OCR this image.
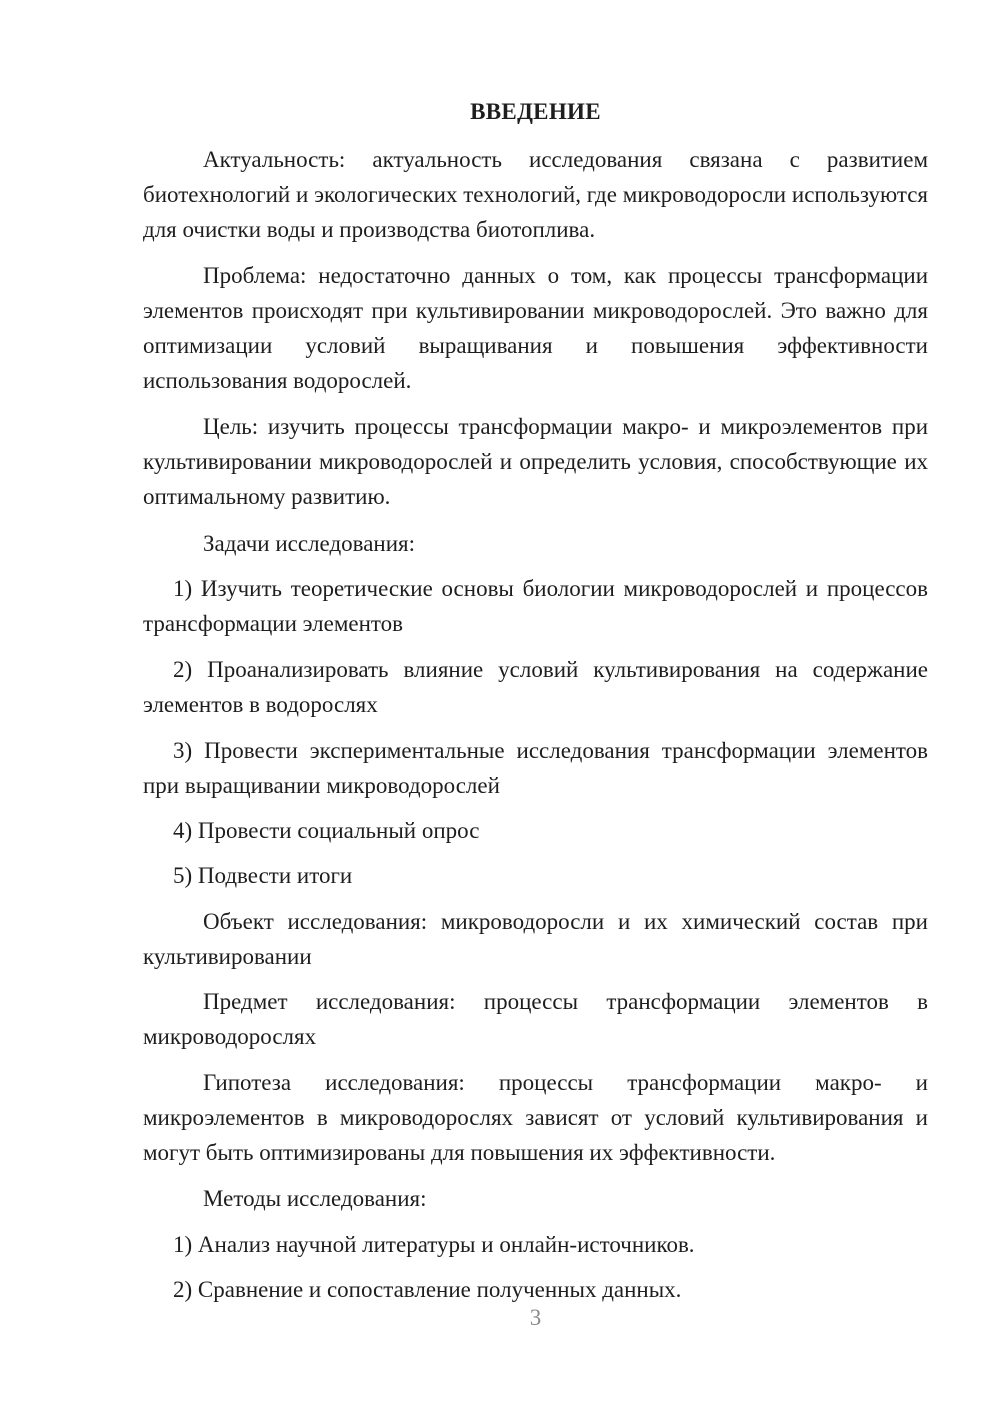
ВВЕДЕНИЕ

Актуальность: актуальность исследования связана с развитием биотехнологий и экологических технологий, где микроводоросли используются для очистки воды и производства биотоплива.

Проблема: недостаточно данных о том, как процессы трансформации элементов происходят при культивировании микроводорослей. Это важно для оптимизации условий выращивания и повышения эффективности использования водорослей.

Цель: изучить процессы трансформации макро- и микроэлементов при культивировании микроводорослей и определить условия, способствующие их оптимальному развитию.

Задачи исследования:

1) Изучить теоретические основы биологии микроводорослей и процессов трансформации элементов

2) Проанализировать влияние условий культивирования на содержание элементов в водорослях

3) Провести экспериментальные исследования трансформации элементов при выращивании микроводорослей

4) Провести социальный опрос

5) Подвести итоги

Объект исследования: микроводоросли и их химический состав при культивировании

Предмет исследования: процессы трансформации элементов в микроводорослях

Гипотеза исследования: процессы трансформации макро- и микроэлементов в микроводорослях зависят от условий культивирования и могут быть оптимизированы для повышения их эффективности.

Методы исследования:

1) Анализ научной литературы и онлайн-источников.

2) Сравнение и сопоставление полученных данных.

3
